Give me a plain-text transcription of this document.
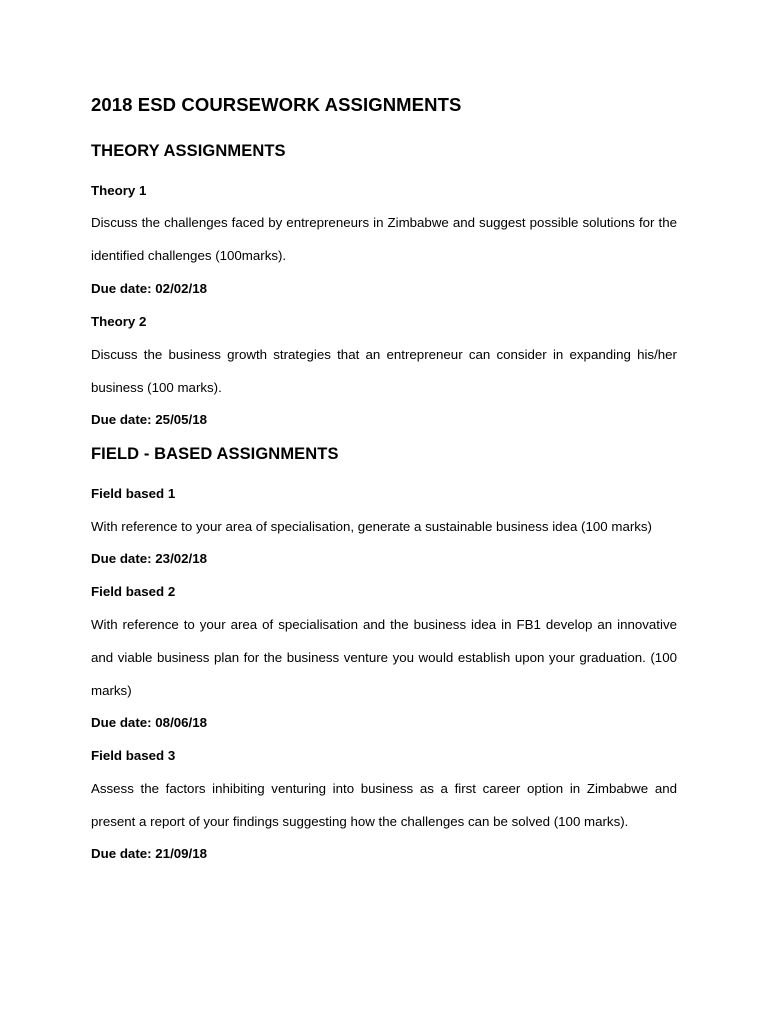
2018 ESD COURSEWORK ASSIGNMENTS
THEORY ASSIGNMENTS

Theory 1

Discuss the challenges faced by entrepreneurs in Zimbabwe and suggest possible solutions for the identified challenges (100marks).

Due date: 02/02/18

Theory 2

Discuss the business growth strategies that an entrepreneur can consider in expanding his/her business (100 marks).

Due date: 25/05/18

FIELD - BASED ASSIGNMENTS

Field based 1

With reference to your area of specialisation, generate a sustainable business idea (100 marks)

Due date: 23/02/18

Field based 2

With reference to your area of specialisation and the business idea in FB1 develop an innovative and viable business plan for the business venture you would establish upon your graduation. (100 marks)

Due date: 08/06/18

Field based 3

Assess the factors inhibiting venturing into business as a first career option in Zimbabwe and present a report of your findings suggesting how the challenges can be solved (100 marks).

Due date: 21/09/18
